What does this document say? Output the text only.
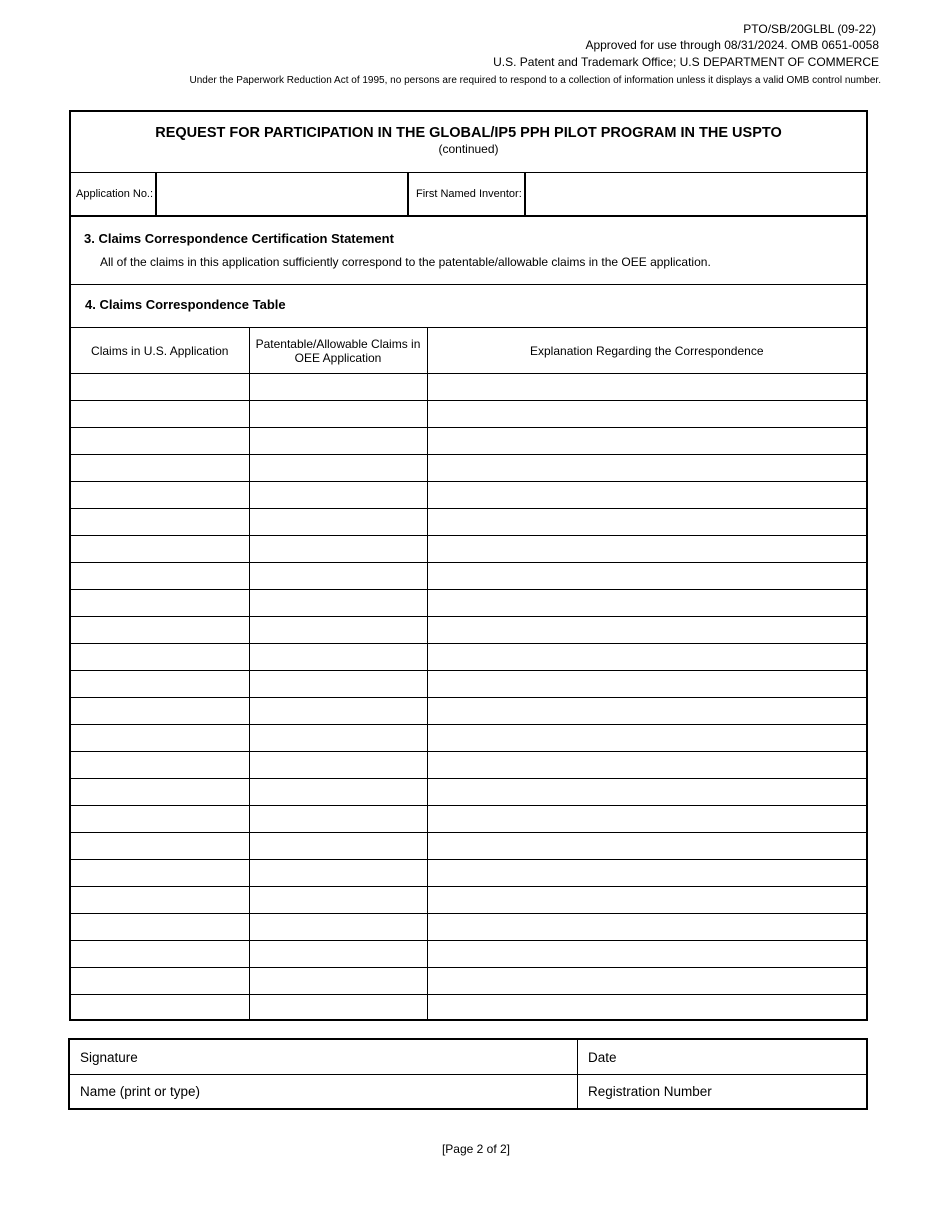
PTO/SB/20GLBL (09-22)
Approved for use through 08/31/2024. OMB 0651-0058
U.S. Patent and Trademark Office; U.S DEPARTMENT OF COMMERCE
Under the Paperwork Reduction Act of 1995, no persons are required to respond to a collection of information unless it displays a valid OMB control number.
REQUEST FOR PARTICIPATION IN THE GLOBAL/IP5 PPH PILOT PROGRAM IN THE USPTO
(continued)
Application No.:	First Named Inventor:
3. Claims Correspondence Certification Statement
All of the claims in this application sufficiently correspond to the patentable/allowable claims in the OEE application.
4. Claims Correspondence Table
Claims in U.S. Application	Patentable/Allowable Claims in OEE Application	Explanation Regarding the Correspondence

Signature	Date
Name (print or type)	Registration Number
[Page 2 of 2]
